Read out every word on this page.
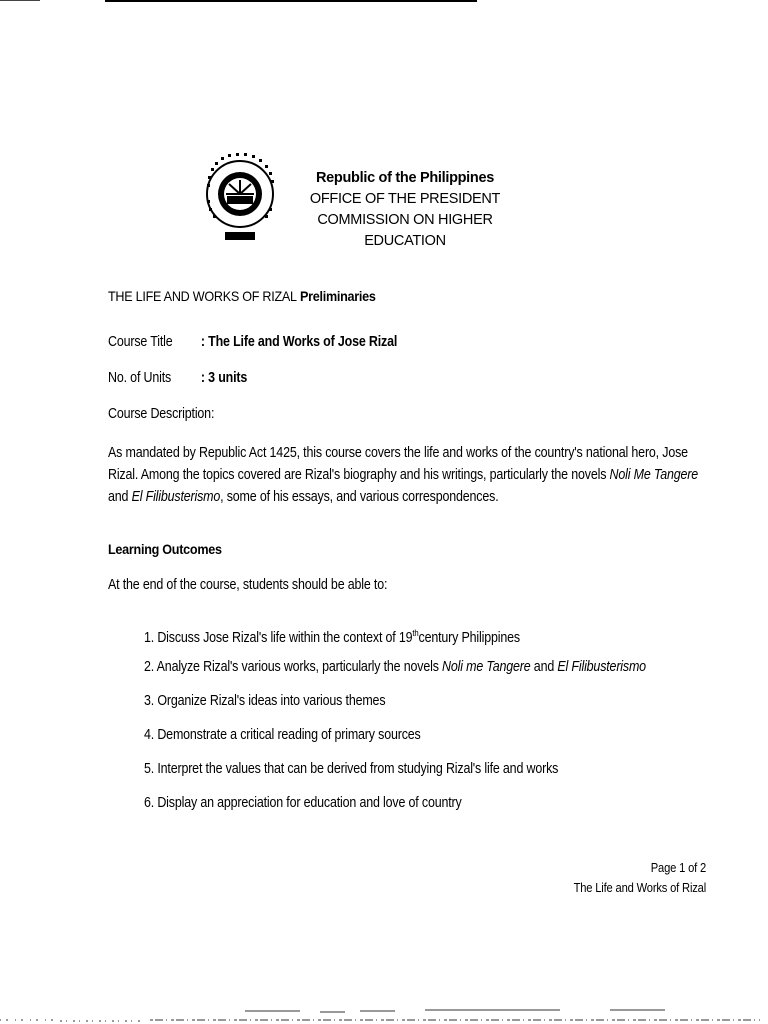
Republic of the Philippines
OFFICE OF THE PRESIDENT
COMMISSION ON HIGHER EDUCATION
THE LIFE AND WORKS OF RIZAL Preliminaries
Course Title : The Life and Works of Jose Rizal
No. of Units : 3 units
Course Description:
As mandated by Republic Act 1425, this course covers the life and works of the country's national hero, Jose Rizal. Among the topics covered are Rizal's biography and his writings, particularly the novels Noli Me Tangere and El Filibusterismo, some of his essays, and various correspondences.
Learning Outcomes
At the end of the course, students should be able to:
1. Discuss Jose Rizal's life within the context of 19thcentury Philippines
2. Analyze Rizal's various works, particularly the novels Noli me Tangere and El Filibusterismo
3. Organize Rizal's ideas into various themes
4. Demonstrate a critical reading of primary sources
5. Interpret the values that can be derived from studying Rizal's life and works
6. Display an appreciation for education and love of country
Page 1 of 2
The Life and Works of Rizal
